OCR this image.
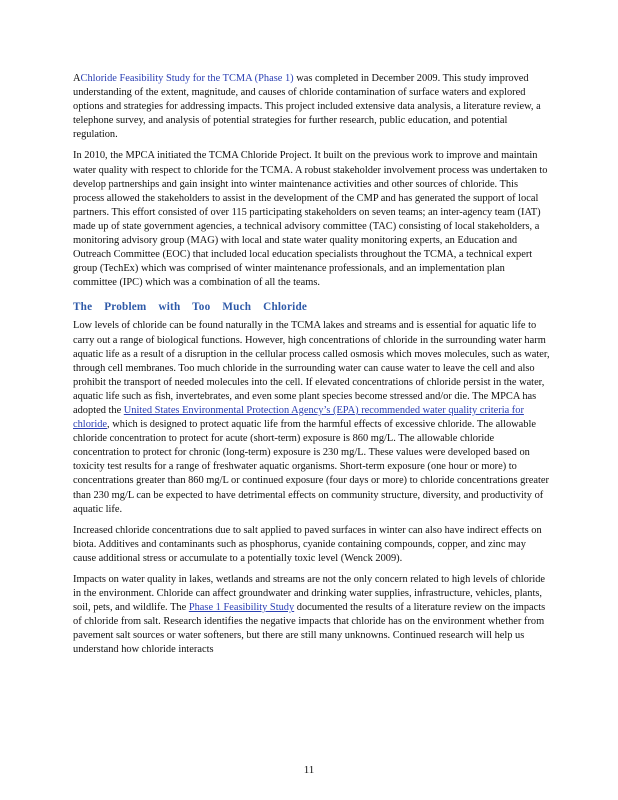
AChloride Feasibility Study for the TCMA (Phase 1) was completed in December 2009. This study improved understanding of the extent, magnitude, and causes of chloride contamination of surface waters and explored options and strategies for addressing impacts. This project included extensive data analysis, a literature review, a telephone survey, and analysis of potential strategies for further research, public education, and potential regulation.

In 2010, the MPCA initiated the TCMA Chloride Project. It built on the previous work to improve and maintain water quality with respect to chloride for the TCMA. A robust stakeholder involvement process was undertaken to develop partnerships and gain insight into winter maintenance activities and other sources of chloride. This process allowed the stakeholders to assist in the development of the CMP and has generated the support of local partners. This effort consisted of over 115 participating stakeholders on seven teams; an inter-agency team (IAT) made up of state government agencies, a technical advisory committee (TAC) consisting of local stakeholders, a monitoring advisory group (MAG) with local and state water quality monitoring experts, an Education and Outreach Committee (EOC) that included local education specialists throughout the TCMA, a technical expert group (TechEx) which was comprised of winter maintenance professionals, and an implementation plan committee (IPC) which was a combination of all the teams.

The Problem with Too Much Chloride

Low levels of chloride can be found naturally in the TCMA lakes and streams and is essential for aquatic life to carry out a range of biological functions. However, high concentrations of chloride in the surrounding water harm aquatic life as a result of a disruption in the cellular process called osmosis which moves molecules, such as water, through cell membranes. Too much chloride in the surrounding water can cause water to leave the cell and also prohibit the transport of needed molecules into the cell. If elevated concentrations of chloride persist in the water, aquatic life such as fish, invertebrates, and even some plant species become stressed and/or die. The MPCA has adopted the United States Environmental Protection Agency’s (EPA) recommended water quality criteria for chloride, which is designed to protect aquatic life from the harmful effects of excessive chloride. The allowable chloride concentration to protect for acute (short-term) exposure is 860 mg/L. The allowable chloride concentration to protect for chronic (long-term) exposure is 230 mg/L. These values were developed based on toxicity test results for a range of freshwater aquatic organisms. Short-term exposure (one hour or more) to concentrations greater than 860 mg/L or continued exposure (four days or more) to chloride concentrations greater than 230 mg/L can be expected to have detrimental effects on community structure, diversity, and productivity of aquatic life.

Increased chloride concentrations due to salt applied to paved surfaces in winter can also have indirect effects on biota. Additives and contaminants such as phosphorus, cyanide containing compounds, copper, and zinc may cause additional stress or accumulate to a potentially toxic level (Wenck 2009).

Impacts on water quality in lakes, wetlands and streams are not the only concern related to high levels of chloride in the environment. Chloride can affect groundwater and drinking water supplies, infrastructure, vehicles, plants, soil, pets, and wildlife. The Phase 1 Feasibility Study documented the results of a literature review on the impacts of chloride from salt. Research identifies the negative impacts that chloride has on the environment whether from pavement salt sources or water softeners, but there are still many unknowns. Continued research will help us understand how chloride interacts

11
